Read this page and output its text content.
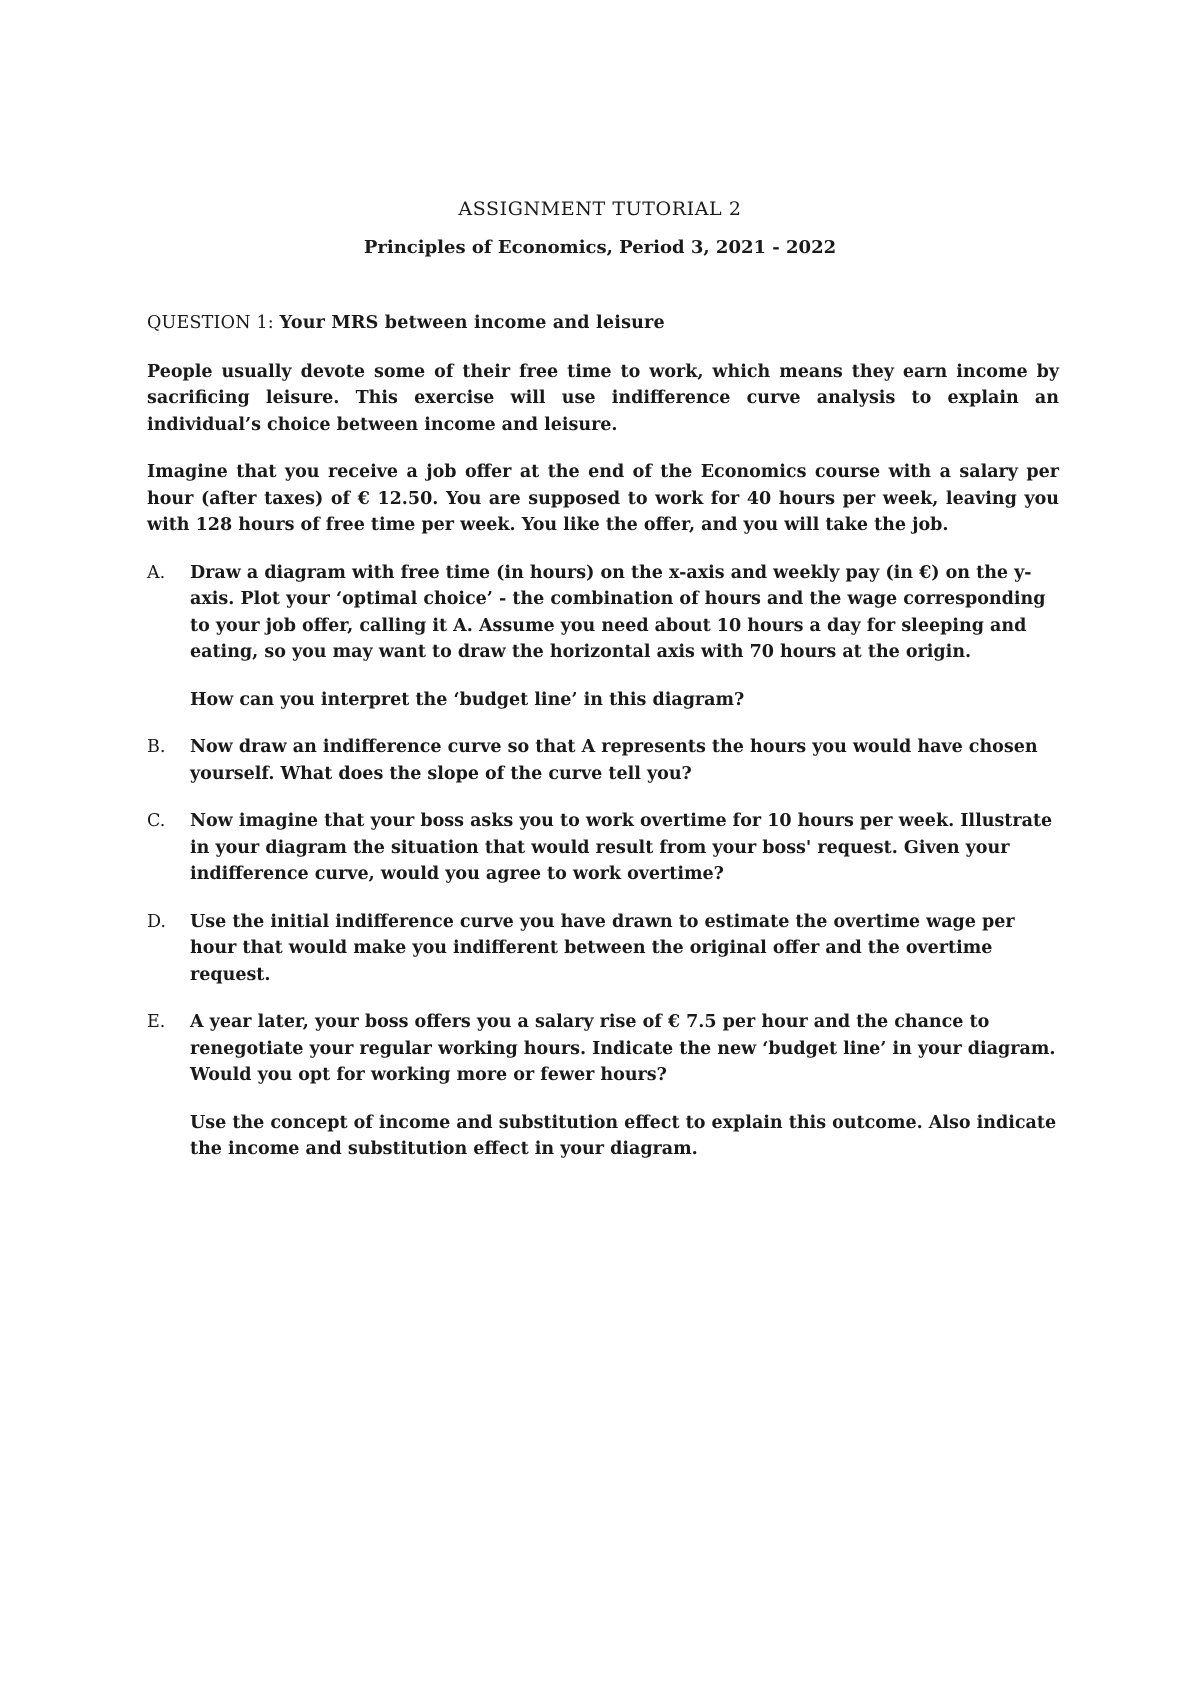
ASSIGNMENT TUTORIAL 2
Principles of Economics, Period 3, 2021 - 2022
QUESTION 1: Your MRS between income and leisure

People usually devote some of their free time to work, which means they earn income by sacrificing leisure. This exercise will use indifference curve analysis to explain an individual’s choice between income and leisure.

Imagine that you receive a job offer at the end of the Economics course with a salary per hour (after taxes) of € 12.50. You are supposed to work for 40 hours per week, leaving you with 128 hours of free time per week. You like the offer, and you will take the job.

A.	Draw a diagram with free time (in hours) on the x-axis and weekly pay (in €) on the y-axis. Plot your ‘optimal choice’ - the combination of hours and the wage corresponding to your job offer, calling it A. Assume you need about 10 hours a day for sleeping and eating, so you may want to draw the horizontal axis with 70 hours at the origin.
How can you interpret the ‘budget line’ in this diagram?
B.	Now draw an indifference curve so that A represents the hours you would have chosen yourself. What does the slope of the curve tell you?
C.	Now imagine that your boss asks you to work overtime for 10 hours per week. Illustrate in your diagram the situation that would result from your boss' request. Given your indifference curve, would you agree to work overtime?
D.	Use the initial indifference curve you have drawn to estimate the overtime wage per hour that would make you indifferent between the original offer and the overtime request.
E.	A year later, your boss offers you a salary rise of € 7.5 per hour and the chance to renegotiate your regular working hours. Indicate the new ‘budget line’ in your diagram. Would you opt for working more or fewer hours?
Use the concept of income and substitution effect to explain this outcome. Also indicate the income and substitution effect in your diagram.
